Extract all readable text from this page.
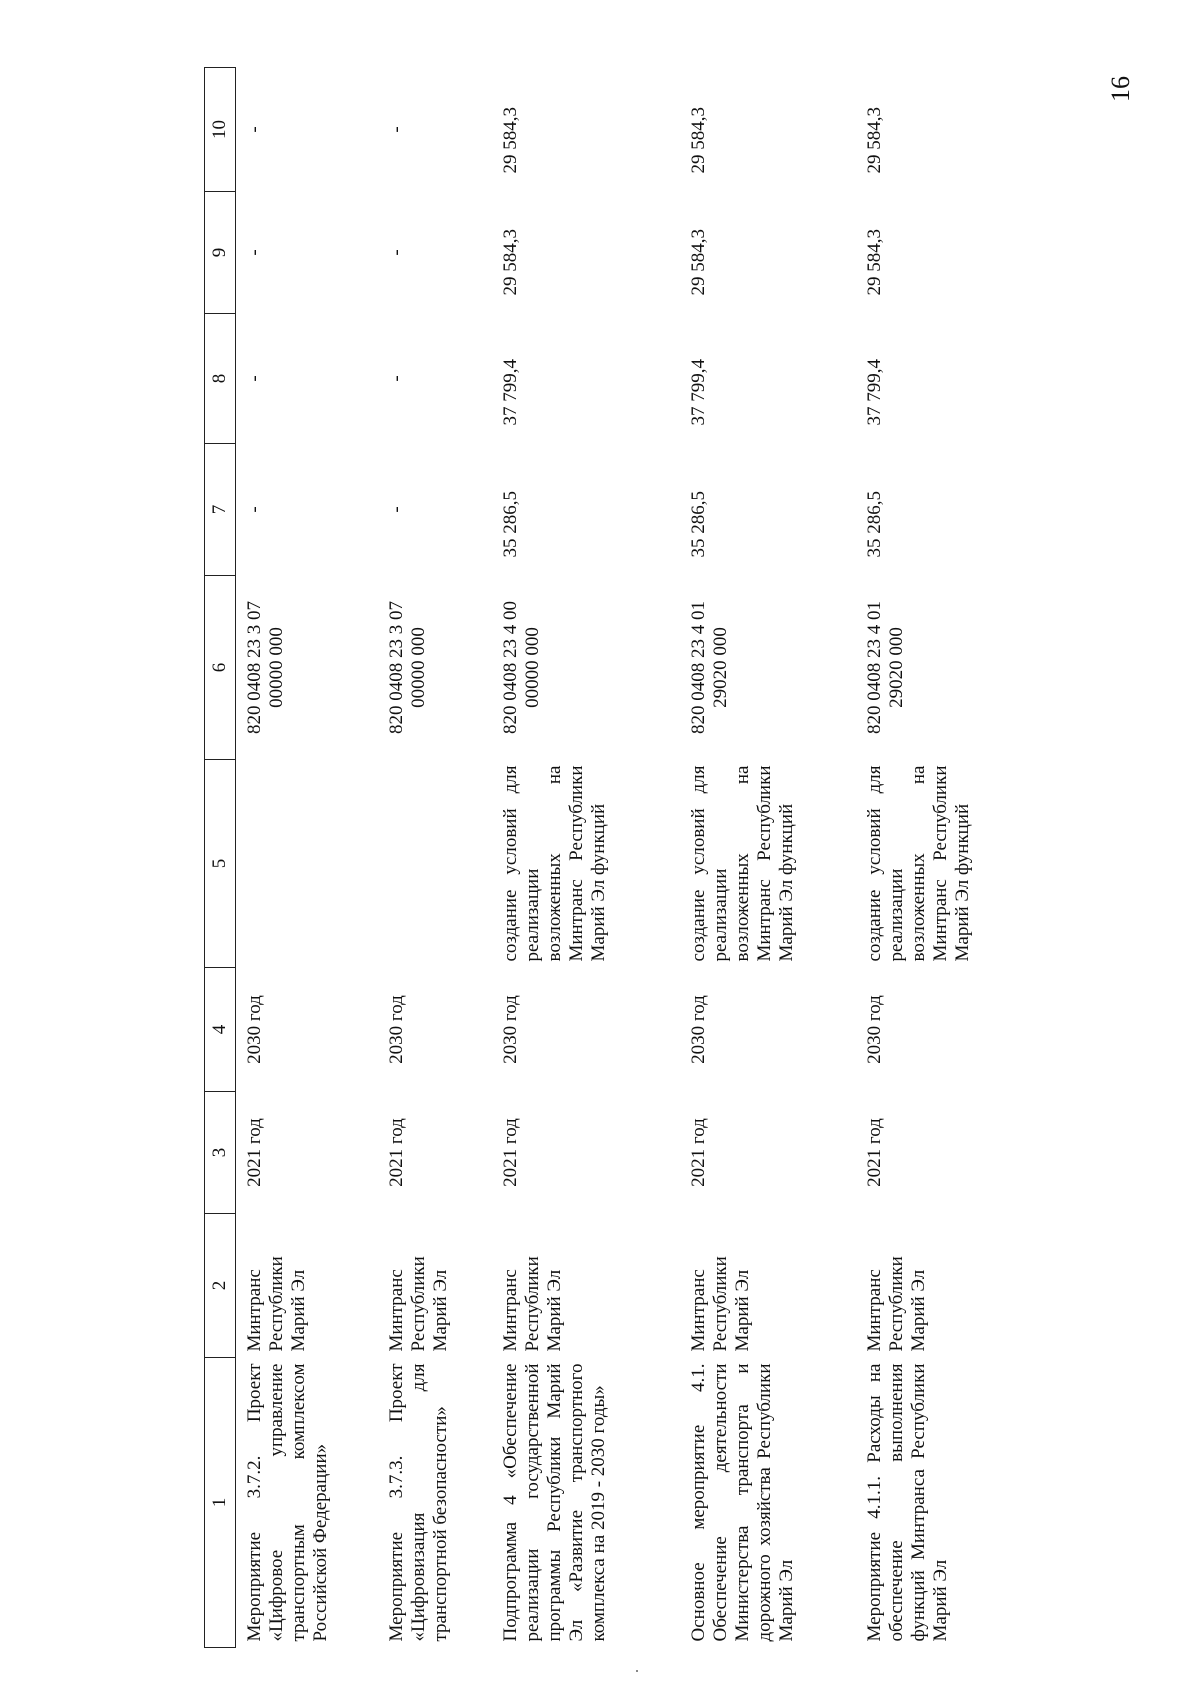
16
1	2	3	4	5	6	7	8	9	10
Мероприятие 3.7.2. Проект «Цифровое управление транспортным комплексом Российской Федерации»	Минтранс Республики Марий Эл	2021 год	2030 год		820 0408 23 3 07 00000 000	-	-	-	-
Мероприятие 3.7.3. Проект «Цифровизация для транспортной безопасности»	Минтранс Республики Марий Эл	2021 год	2030 год		820 0408 23 3 07 00000 000	-	-	-	-
Подпрограмма 4 «Обеспечение реализации государственной программы Республики Марий Эл «Развитие транспортного комплекса на 2019 - 2030 годы»	Минтранс Республики Марий Эл	2021 год	2030 год	создание условий для реализации возложенных на Минтранс Республики Марий Эл функций	820 0408 23 4 00 00000 000	35 286,5	37 799,4	29 584,3	29 584,3
Основное мероприятие 4.1. Обеспечение деятельности Министерства транспорта и дорожного хозяйства Республики Марий Эл	Минтранс Республики Марий Эл	2021 год	2030 год	создание условий для реализации возложенных на Минтранс Республики Марий Эл функций	820 0408 23 4 01 29020 000	35 286,5	37 799,4	29 584,3	29 584,3
Мероприятие 4.1.1. Расходы на обеспечение выполнения функций Минтранса Республики Марий Эл	Минтранс Республики Марий Эл	2021 год	2030 год	создание условий для реализации возложенных на Минтранс Республики Марий Эл функций	820 0408 23 4 01 29020 000	35 286,5	37 799,4	29 584,3	29 584,3
